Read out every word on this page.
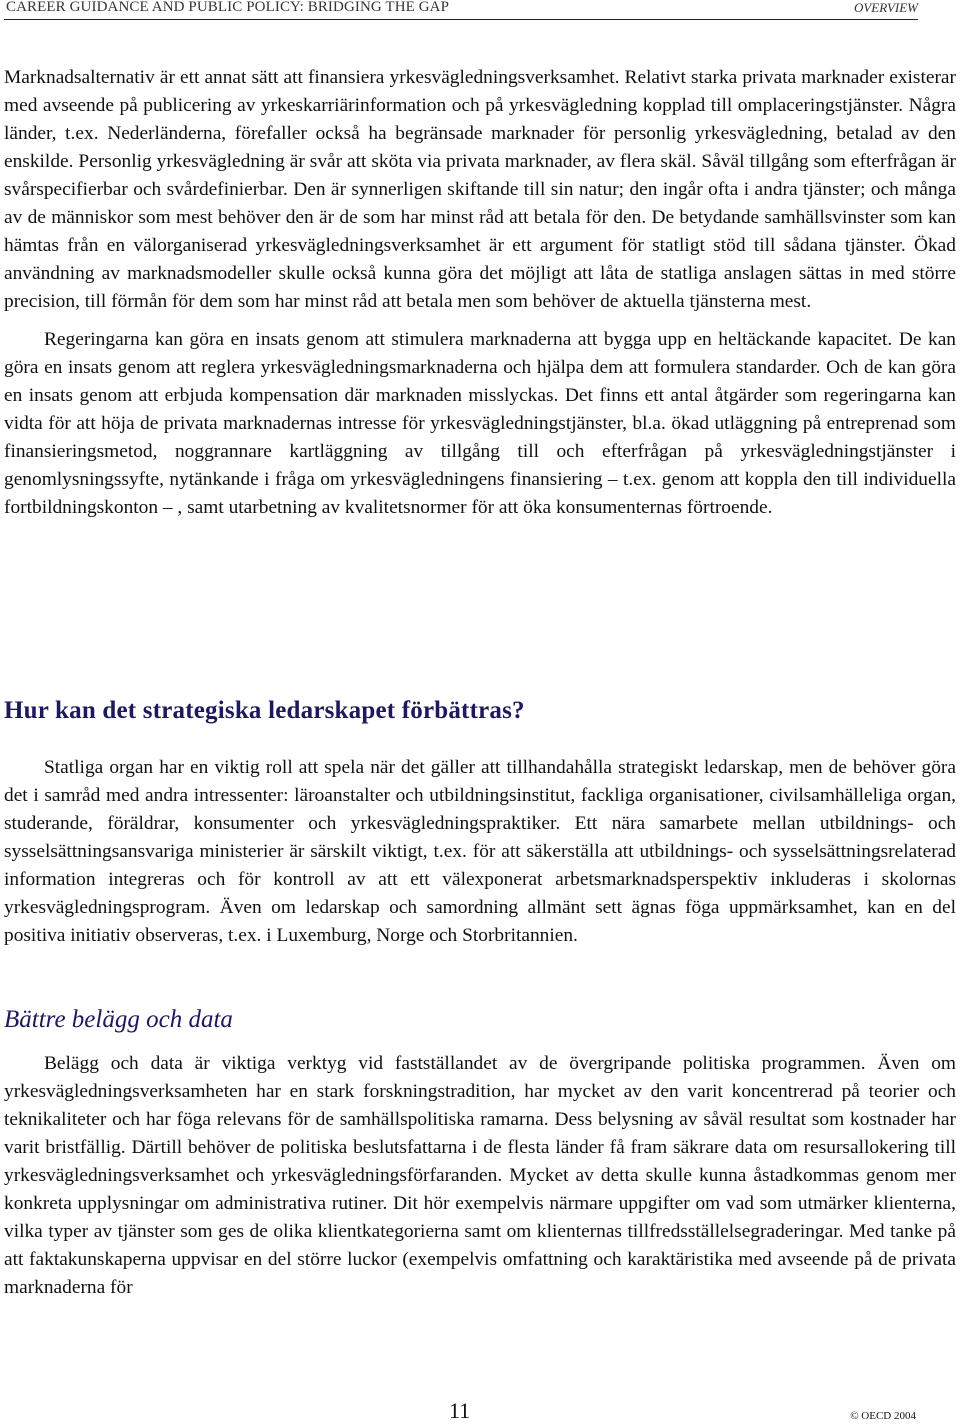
CAREER GUIDANCE AND PUBLIC POLICY: BRIDGING THE GAP	OVERVIEW

Marknadsalternativ är ett annat sätt att finansiera yrkesvägledningsverksamhet. Relativt starka privata marknader existerar med avseende på publicering av yrkeskarriärinformation och på yrkesvägledning kopplad till omplaceringstjänster. Några länder, t.ex. Nederländerna, förefaller också ha begränsade marknader för personlig yrkesvägledning, betalad av den enskilde. Personlig yrkesvägledning är svår att sköta via privata marknader, av flera skäl. Såväl tillgång som efterfrågan är svårspecifierbar och svårdefinierbar. Den är synnerligen skiftande till sin natur; den ingår ofta i andra tjänster; och många av de människor som mest behöver den är de som har minst råd att betala för den. De betydande samhällsvinster som kan hämtas från en välorganiserad yrkesvägledningsverksamhet är ett argument för statligt stöd till sådana tjänster. Ökad användning av marknadsmodeller skulle också kunna göra det möjligt att låta de statliga anslagen sättas in med större precision, till förmån för dem som har minst råd att betala men som behöver de aktuella tjänsterna mest.

Regeringarna kan göra en insats genom att stimulera marknaderna att bygga upp en heltäckande kapacitet. De kan göra en insats genom att reglera yrkesvägledningsmarknaderna och hjälpa dem att formulera standarder. Och de kan göra en insats genom att erbjuda kompensation där marknaden misslyckas. Det finns ett antal åtgärder som regeringarna kan vidta för att höja de privata marknadernas intresse för yrkesvägledningstjänster, bl.a. ökad utläggning på entreprenad som finansieringsmetod, noggrannare kartläggning av tillgång till och efterfrågan på yrkesvägledningstjänster i genomlysningssyfte, nytänkande i fråga om yrkesvägledningens finansiering – t.ex. genom att koppla den till individuella fortbildningskonton – , samt utarbetning av kvalitetsnormer för att öka konsumenternas förtroende.

Hur kan det strategiska ledarskapet förbättras?

Statliga organ har en viktig roll att spela när det gäller att tillhandahålla strategiskt ledarskap, men de behöver göra det i samråd med andra intressenter: läroanstalter och utbildningsinstitut, fackliga organisationer, civilsamhälleliga organ, studerande, föräldrar, konsumenter och yrkesvägledningspraktiker. Ett nära samarbete mellan utbildnings- och sysselsättningsansvariga ministerier är särskilt viktigt, t.ex. för att säkerställa att utbildnings- och sysselsättningsrelaterad information integreras och för kontroll av att ett välexponerat arbetsmarknadsperspektiv inkluderas i skolornas yrkesvägledningsprogram. Även om ledarskap och samordning allmänt sett ägnas föga uppmärksamhet, kan en del positiva initiativ observeras, t.ex. i Luxemburg, Norge och Storbritannien.

Bättre belägg och data

Belägg och data är viktiga verktyg vid fastställandet av de övergripande politiska programmen. Även om yrkesvägledningsverksamheten har en stark forskningstradition, har mycket av den varit koncentrerad på teorier och teknikaliteter och har föga relevans för de samhällspolitiska ramarna. Dess belysning av såväl resultat som kostnader har varit bristfällig. Därtill behöver de politiska beslutsfattarna i de flesta länder få fram säkrare data om resursallokering till yrkesvägledningsverksamhet och yrkesvägledningsförfaranden. Mycket av detta skulle kunna åstadkommas genom mer konkreta upplysningar om administrativa rutiner. Dit hör exempelvis närmare uppgifter om vad som utmärker klienterna, vilka typer av tjänster som ges de olika klientkategorierna samt om klienternas tillfredsställelsegraderingar. Med tanke på att faktakunskaperna uppvisar en del större luckor (exempelvis omfattning och karaktäristika med avseende på de privata marknaderna för

11	© OECD 2004
